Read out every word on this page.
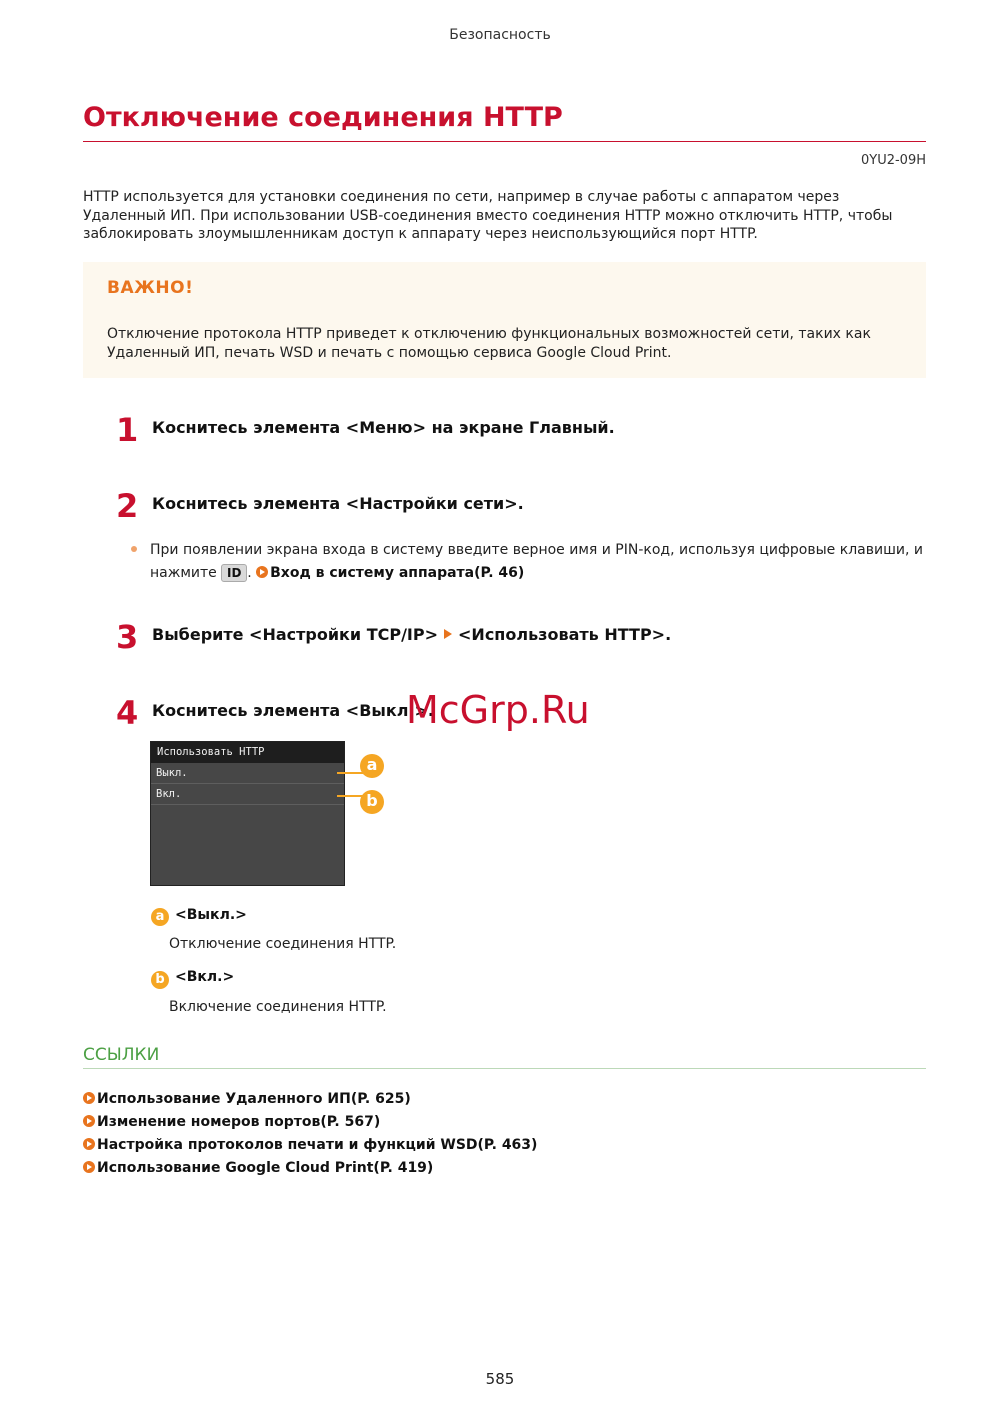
Безопасность
Отключение соединения HTTP
0YU2-09H

HTTP используется для установки соединения по сети, например в случае работы с аппаратом через Удаленный ИП. При использовании USB-соединения вместо соединения HTTP можно отключить HTTP, чтобы заблокировать злоумышленникам доступ к аппарату через неиспользующийся порт HTTP.

ВАЖНО!
Отключение протокола HTTP приведет к отключению функциональных возможностей сети, таких как Удаленный ИП, печать WSD и печать с помощью сервиса Google Cloud Print.
1 Коснитесь элемента <Меню> на экране Главный.
2 Коснитесь элемента <Настройки сети>.
При появлении экрана входа в систему введите верное имя и PIN-код, используя цифровые клавиши, и нажмите ID . Вход в систему аппарата(P. 46)
3 Выберите <Настройки TCP/IP> <Использовать HTTP>.
4 Коснитесь элемента <Выкл.>.
McGrp.Ru
Использовать HTTP
Выкл.
Вкл.
a
b
a <Выкл.>
Отключение соединения HTTP.
b <Вкл.>
Включение соединения HTTP.
ССЫЛКИ
Использование Удаленного ИП(P. 625)
Изменение номеров портов(P. 567)
Настройка протоколов печати и функций WSD(P. 463)
Использование Google Cloud Print(P. 419)
585
